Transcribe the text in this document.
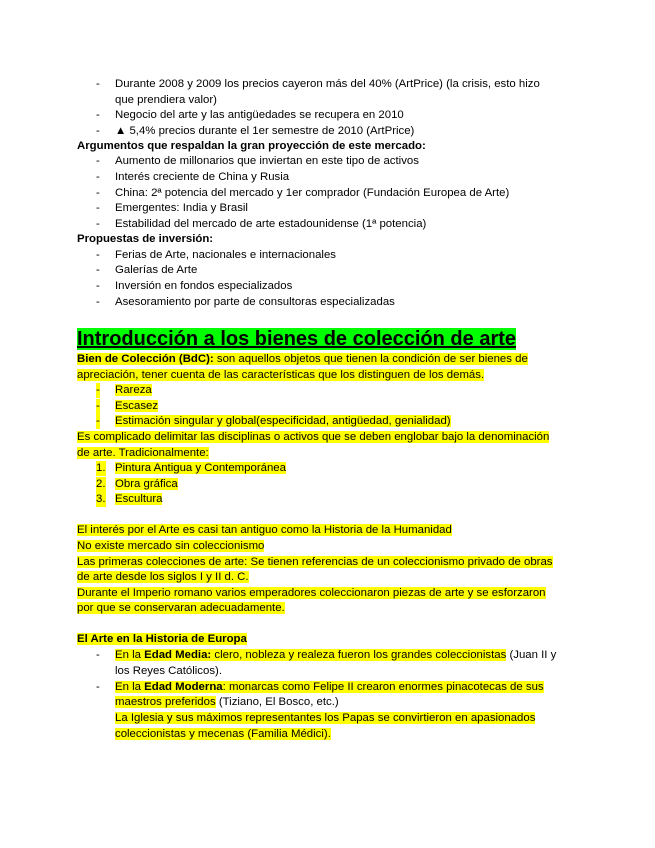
- Durante 2008 y 2009 los precios cayeron más del 40% (ArtPrice) (la crisis, esto hizo
que prendiera valor)
- Negocio del arte y las antigüedades se recupera en 2010
- ▲ 5,4% precios durante el 1er semestre de 2010 (ArtPrice)
Argumentos que respaldan la gran proyección de este mercado:
- Aumento de millonarios que inviertan en este tipo de activos
- Interés creciente de China y Rusia
- China: 2ª potencia del mercado y 1er comprador (Fundación Europea de Arte)
- Emergentes: India y Brasil
- Estabilidad del mercado de arte estadounidense (1ª potencia)
Propuestas de inversión:
- Ferias de Arte, nacionales e internacionales
- Galerías de Arte
- Inversión en fondos especializados
- Asesoramiento por parte de consultoras especializadas
Introducción a los bienes de colección de arte
Bien de Colección (BdC): son aquellos objetos que tienen la condición de ser bienes de
apreciación, tener cuenta de las características que los distinguen de los demás.
- Rareza
- Escasez
- Estimación singular y global(especificidad, antigüedad, genialidad)
Es complicado delimitar las disciplinas o activos que se deben englobar bajo la denominación
de arte. Tradicionalmente:
1. Pintura Antigua y Contemporánea
2. Obra gráfica
3. Escultura
El interés por el Arte es casi tan antiguo como la Historia de la Humanidad
No existe mercado sin coleccionismo
Las primeras colecciones de arte: Se tienen referencias de un coleccionismo privado de obras
de arte desde los siglos I y II d. C.
Durante el Imperio romano varios emperadores coleccionaron piezas de arte y se esforzaron
por que se conservaran adecuadamente.
El Arte en la Historia de Europa
- En la Edad Media: clero, nobleza y realeza fueron los grandes coleccionistas (Juan II y
los Reyes Católicos).
- En la Edad Moderna: monarcas como Felipe II crearon enormes pinacotecas de sus
maestros preferidos (Tiziano, El Bosco, etc.)
La Iglesia y sus máximos representantes los Papas se convirtieron en apasionados
coleccionistas y mecenas (Familia Médici).
